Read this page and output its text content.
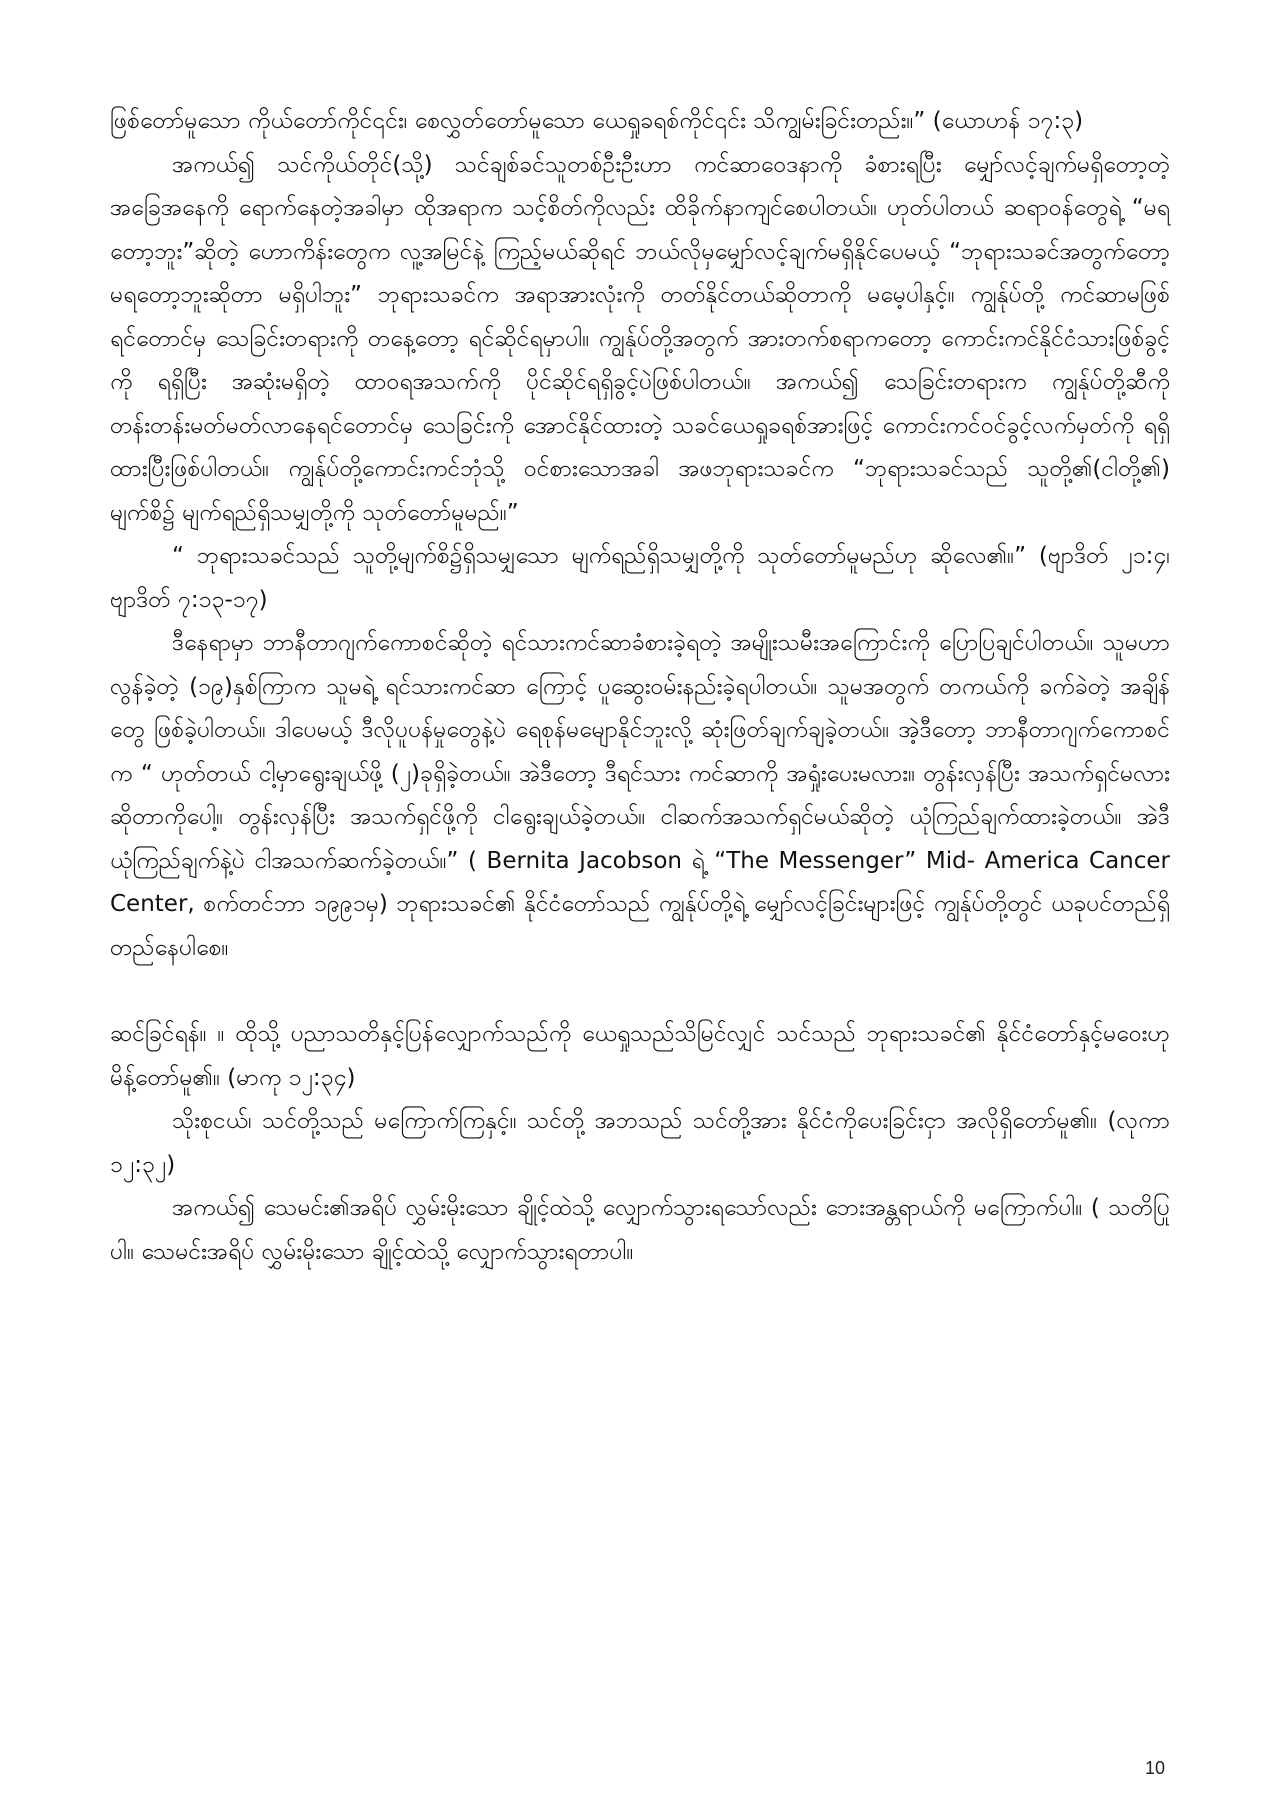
ဖြစ်တော်မူသော ကိုယ်တော်ကိုင်၎င်း၊ စေလွှတ်တော်မူသော ယေရှုခရစ်ကိုင်၎င်း သိကျွမ်းခြင်းတည်း။” (ယောဟန် ၁၇:၃)

အကယ်၍ သင်ကိုယ်တိုင်(သို့) သင်ချစ်ခင်သူတစ်ဦးဦးဟာ ကင်ဆာဝေဒနာကို ခံစားရပြီး မျှော်လင့်ချက်မရှိတော့တဲ့ အခြေအနေကို ရောက်နေတဲ့အခါမှာ ထိုအရာက သင့်စိတ်ကိုလည်း ထိခိုက်နာကျင်စေပါတယ်။ ဟုတ်ပါတယ် ဆရာဝန်တွေရဲ့ “မရတော့ဘူး”ဆိုတဲ့ ဟောကိန်းတွေက လူ့အမြင်နဲ့ ကြည့်မယ်ဆိုရင် ဘယ်လိုမှမျှော်လင့်ချက်မရှိနိုင်ပေမယ့် “ဘုရားသခင်အတွက်တော့ မရတော့ဘူးဆိုတာ မရှိပါဘူး” ဘုရားသခင်က အရာအားလုံးကို တတ်နိုင်တယ်ဆိုတာကို မမေ့ပါနှင့်။ ကျွန်ုပ်တို့ ကင်ဆာမဖြစ်ရင်တောင်မှ သေခြင်းတရားကို တနေ့တော့ ရင်ဆိုင်ရမှာပါ။ ကျွန်ုပ်တို့အတွက် အားတက်စရာကတော့ ကောင်းကင်နိုင်ငံသားဖြစ်ခွင့်ကို ရရှိပြီး အဆုံးမရှိတဲ့ ထာဝရအသက်ကို ပိုင်ဆိုင်ရရှိခွင့်ပဲဖြစ်ပါတယ်။ အကယ်၍ သေခြင်းတရားက ကျွန်ုပ်တို့ဆီကို တန်းတန်းမတ်မတ်လာနေရင်တောင်မှ သေခြင်းကို အောင်နိုင်ထားတဲ့ သခင်ယေရှုခရစ်အားဖြင့် ကောင်းကင်ဝင်ခွင့်လက်မှတ်ကို ရရှိထားပြီးဖြစ်ပါတယ်။ ကျွန်ုပ်တို့ကောင်းကင်ဘုံသို့ ဝင်စားသောအခါ အဖဘုရားသခင်က “ဘုရားသခင်သည် သူတို့၏(ငါတို့၏) မျက်စိ၌ မျက်ရည်ရှိသမျှတို့ကို သုတ်တော်မူမည်။”

“ ဘုရားသခင်သည် သူတို့မျက်စိ၌ရှိသမျှသော မျက်ရည်ရှိသမျှတို့ကို သုတ်တော်မူမည်ဟု ဆိုလေ၏။” (ဗျာဒိတ် ၂၁:၄၊ ဗျာဒိတ် ၇:၁၃-၁၇)

ဒီနေရာမှာ ဘာနီတာဂျက်ကောစင်ဆိုတဲ့ ရင်သားကင်ဆာခံစားခဲ့ရတဲ့ အမျိုးသမီးအကြောင်းကို ပြောပြချင်ပါတယ်။ သူမဟာ လွန်ခဲ့တဲ့ (၁၉)နှစ်ကြာက သူမရဲ့ ရင်သားကင်ဆာ ကြောင့် ပူဆွေးဝမ်းနည်းခဲ့ရပါတယ်။ သူမအတွက် တကယ်ကို ခက်ခဲတဲ့ အချိန်တွေ ဖြစ်ခဲ့ပါတယ်။ ဒါပေမယ့် ဒီလိုပူပန်မှုတွေနဲ့ပဲ ရေစုန်မမျောနိုင်ဘူးလို့ ဆုံးဖြတ်ချက်ချခဲ့တယ်။ အဲ့ဒီတော့ ဘာနီတာဂျက်ကောစင်က “ ဟုတ်တယ် ငါ့မှာရွေးချယ်ဖို့ (၂)ခုရှိခဲ့တယ်။ အဲဒီတော့ ဒီရင်သား ကင်ဆာကို အရှုံးပေးမလား။ တွန်းလှန်ပြီး အသက်ရှင်မလားဆိုတာကိုပေါ့။ တွန်းလှန်ပြီး အသက်ရှင်ဖို့ကို ငါရွေးချယ်ခဲ့တယ်။ ငါဆက်အသက်ရှင်မယ်ဆိုတဲ့ ယုံကြည်ချက်ထားခဲ့တယ်။ အဲဒီယုံကြည်ချက်နဲ့ပဲ ငါအသက်ဆက်ခဲ့တယ်။” ( Bernita Jacobson ရဲ့ “The Messenger” Mid- America Cancer Center, စက်တင်ဘာ ၁၉၉၁မှ) ဘုရားသခင်၏ နိုင်ငံတော်သည် ကျွန်ုပ်တို့ရဲ့ မျှော်လင့်ခြင်းများဖြင့် ကျွန်ုပ်တို့တွင် ယခုပင်တည်ရှိတည်နေပါစေ။

ဆင်ခြင်ရန်။ ။ ထိုသို့ ပညာသတိနှင့်ပြန်လျှောက်သည်ကို ယေရှုသည်သိမြင်လျှင် သင်သည် ဘုရားသခင်၏ နိုင်ငံတော်နှင့်မဝေးဟု မိန့်တော်မူ၏။ (မာကု ၁၂:၃၄)

သိုးစုငယ်၊ သင်တို့သည် မကြောက်ကြနှင့်။ သင်တို့ အဘသည် သင်တို့အား နိုင်ငံကိုပေးခြင်းငှာ အလိုရှိတော်မူ၏။ (လုကာ ၁၂:၃၂)

အကယ်၍ သေမင်း၏အရိပ် လွှမ်းမိုးသော ချိုင့်ထဲသို့ လျှောက်သွားရသော်လည်း ဘေးအန္တရာယ်ကို မကြောက်ပါ။ ( သတိပြုပါ။ သေမင်းအရိပ် လွှမ်းမိုးသော ချိုင့်ထဲသို့ လျှောက်သွားရတာပါ။

10
